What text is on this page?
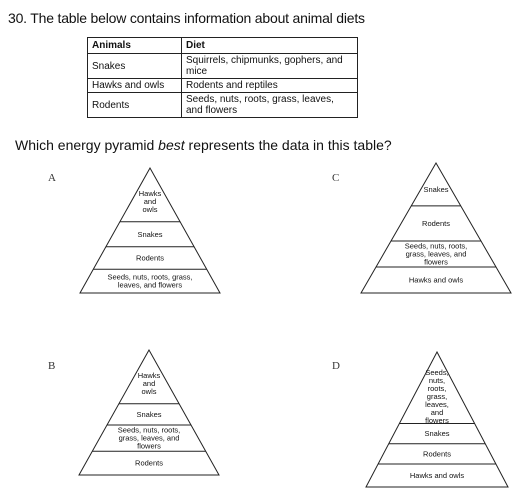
30. The table below contains information about animal diets
Animals	Diet
Snakes	Squirrels, chipmunks, gophers, and mice
Hawks and owls	Rodents and reptiles
Rodents	Seeds, nuts, roots, grass, leaves, and flowers
Which energy pyramid best represents the data in this table?
A
Hawks and owls
Snakes
Rodents
Seeds, nuts, roots, grass, leaves, and flowers
C
Snakes
Rodents
Seeds, nuts, roots, grass, leaves, and flowers
Hawks and owls
B
Hawks and owls
Snakes
Seeds, nuts, roots, grass, leaves, and flowers
Rodents
D
Seeds, nuts, roots, grass, leaves, and flowers
Snakes
Rodents
Hawks and owls
